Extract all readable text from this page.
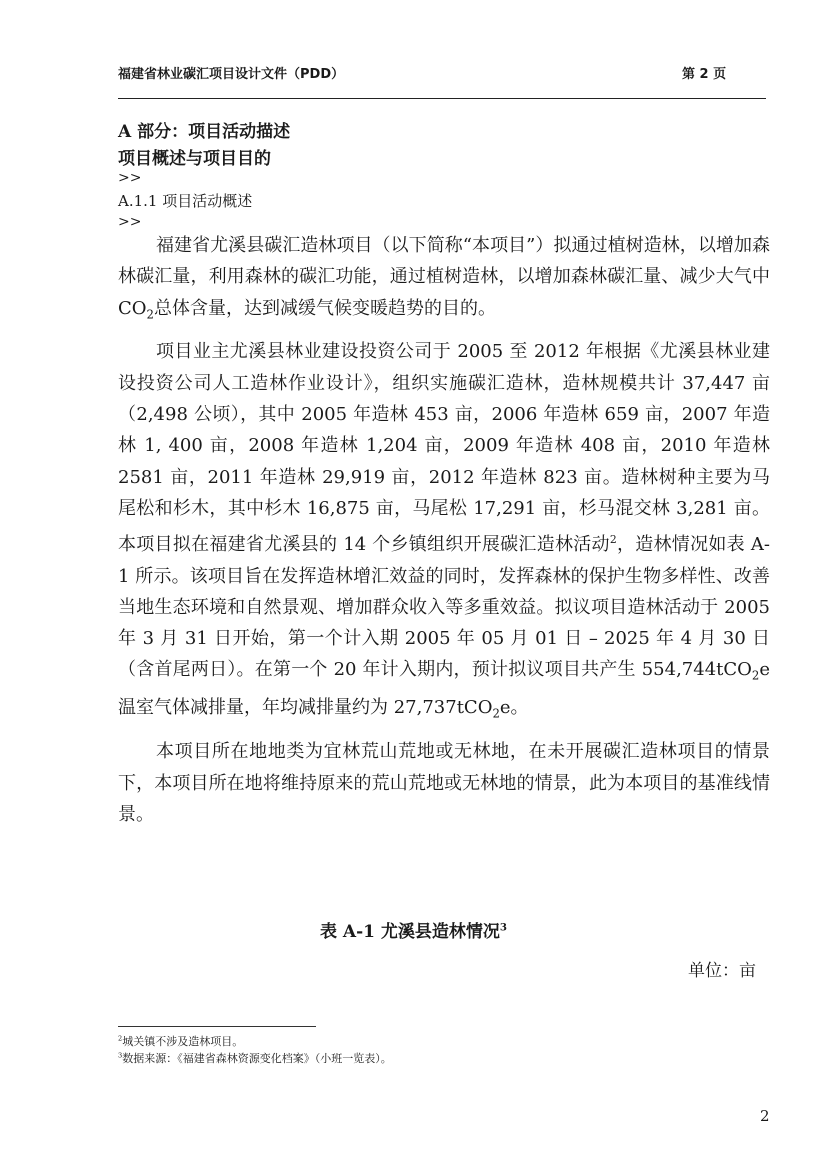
福建省林业碳汇项目设计文件（PDD）	第 2 页
A 部分：项目活动描述
项目概述与项目目的
>>
A.1.1 项目活动概述
>>

福建省尤溪县碳汇造林项目（以下简称“本项目”）拟通过植树造林，以增加森林碳汇量，利用森林的碳汇功能，通过植树造林，以增加森林碳汇量、减少大气中 $CO_2$总体含量，达到减缓气候变暖趋势的目的。

项目业主尤溪县林业建设投资公司于 2005 至 2012 年根据《尤溪县林业建设投资公司人工造林作业设计》，组织实施碳汇造林，造林规模共计 37,447 亩（2,498 公顷），其中 2005 年造林 453 亩，2006 年造林 659 亩，2007 年造林 1, 400 亩，2008 年造林 1,204 亩，2009 年造林 408 亩，2010 年造林 2581 亩，2011 年造林 29,919 亩，2012 年造林 823 亩。造林树种主要为马尾松和杉木，其中杉木 16,875 亩，马尾松 17,291 亩，杉马混交林 3,281 亩。本项目拟在福建省尤溪县的 14 个乡镇组织开展碳汇造林活动$^2$，造林情况如表 A-1 所示。该项目旨在发挥造林增汇效益的同时，发挥森林的保护生物多样性、改善当地生态环境和自然景观、增加群众收入等多重效益。拟议项目造林活动于 2005 年 3 月 31 日开始，第一个计入期 2005 年 05 月 01 日 – 2025 年 4 月 30 日（含首尾两日）。在第一个 20 年计入期内，预计拟议项目共产生 554,744tCO$_2$e 温室气体减排量，年均减排量约为 27,737tCO$_2$e。

本项目所在地地类为宜林荒山荒地或无林地，在未开展碳汇造林项目的情景下，本项目所在地将维持原来的荒山荒地或无林地的情景，此为本项目的基准线情景。

表 A-1 尤溪县造林情况$^3$
单位：亩
$^2$城关镇不涉及造林项目。
$^3$数据来源：《福建省森林资源变化档案》（小班一览表）。
2
